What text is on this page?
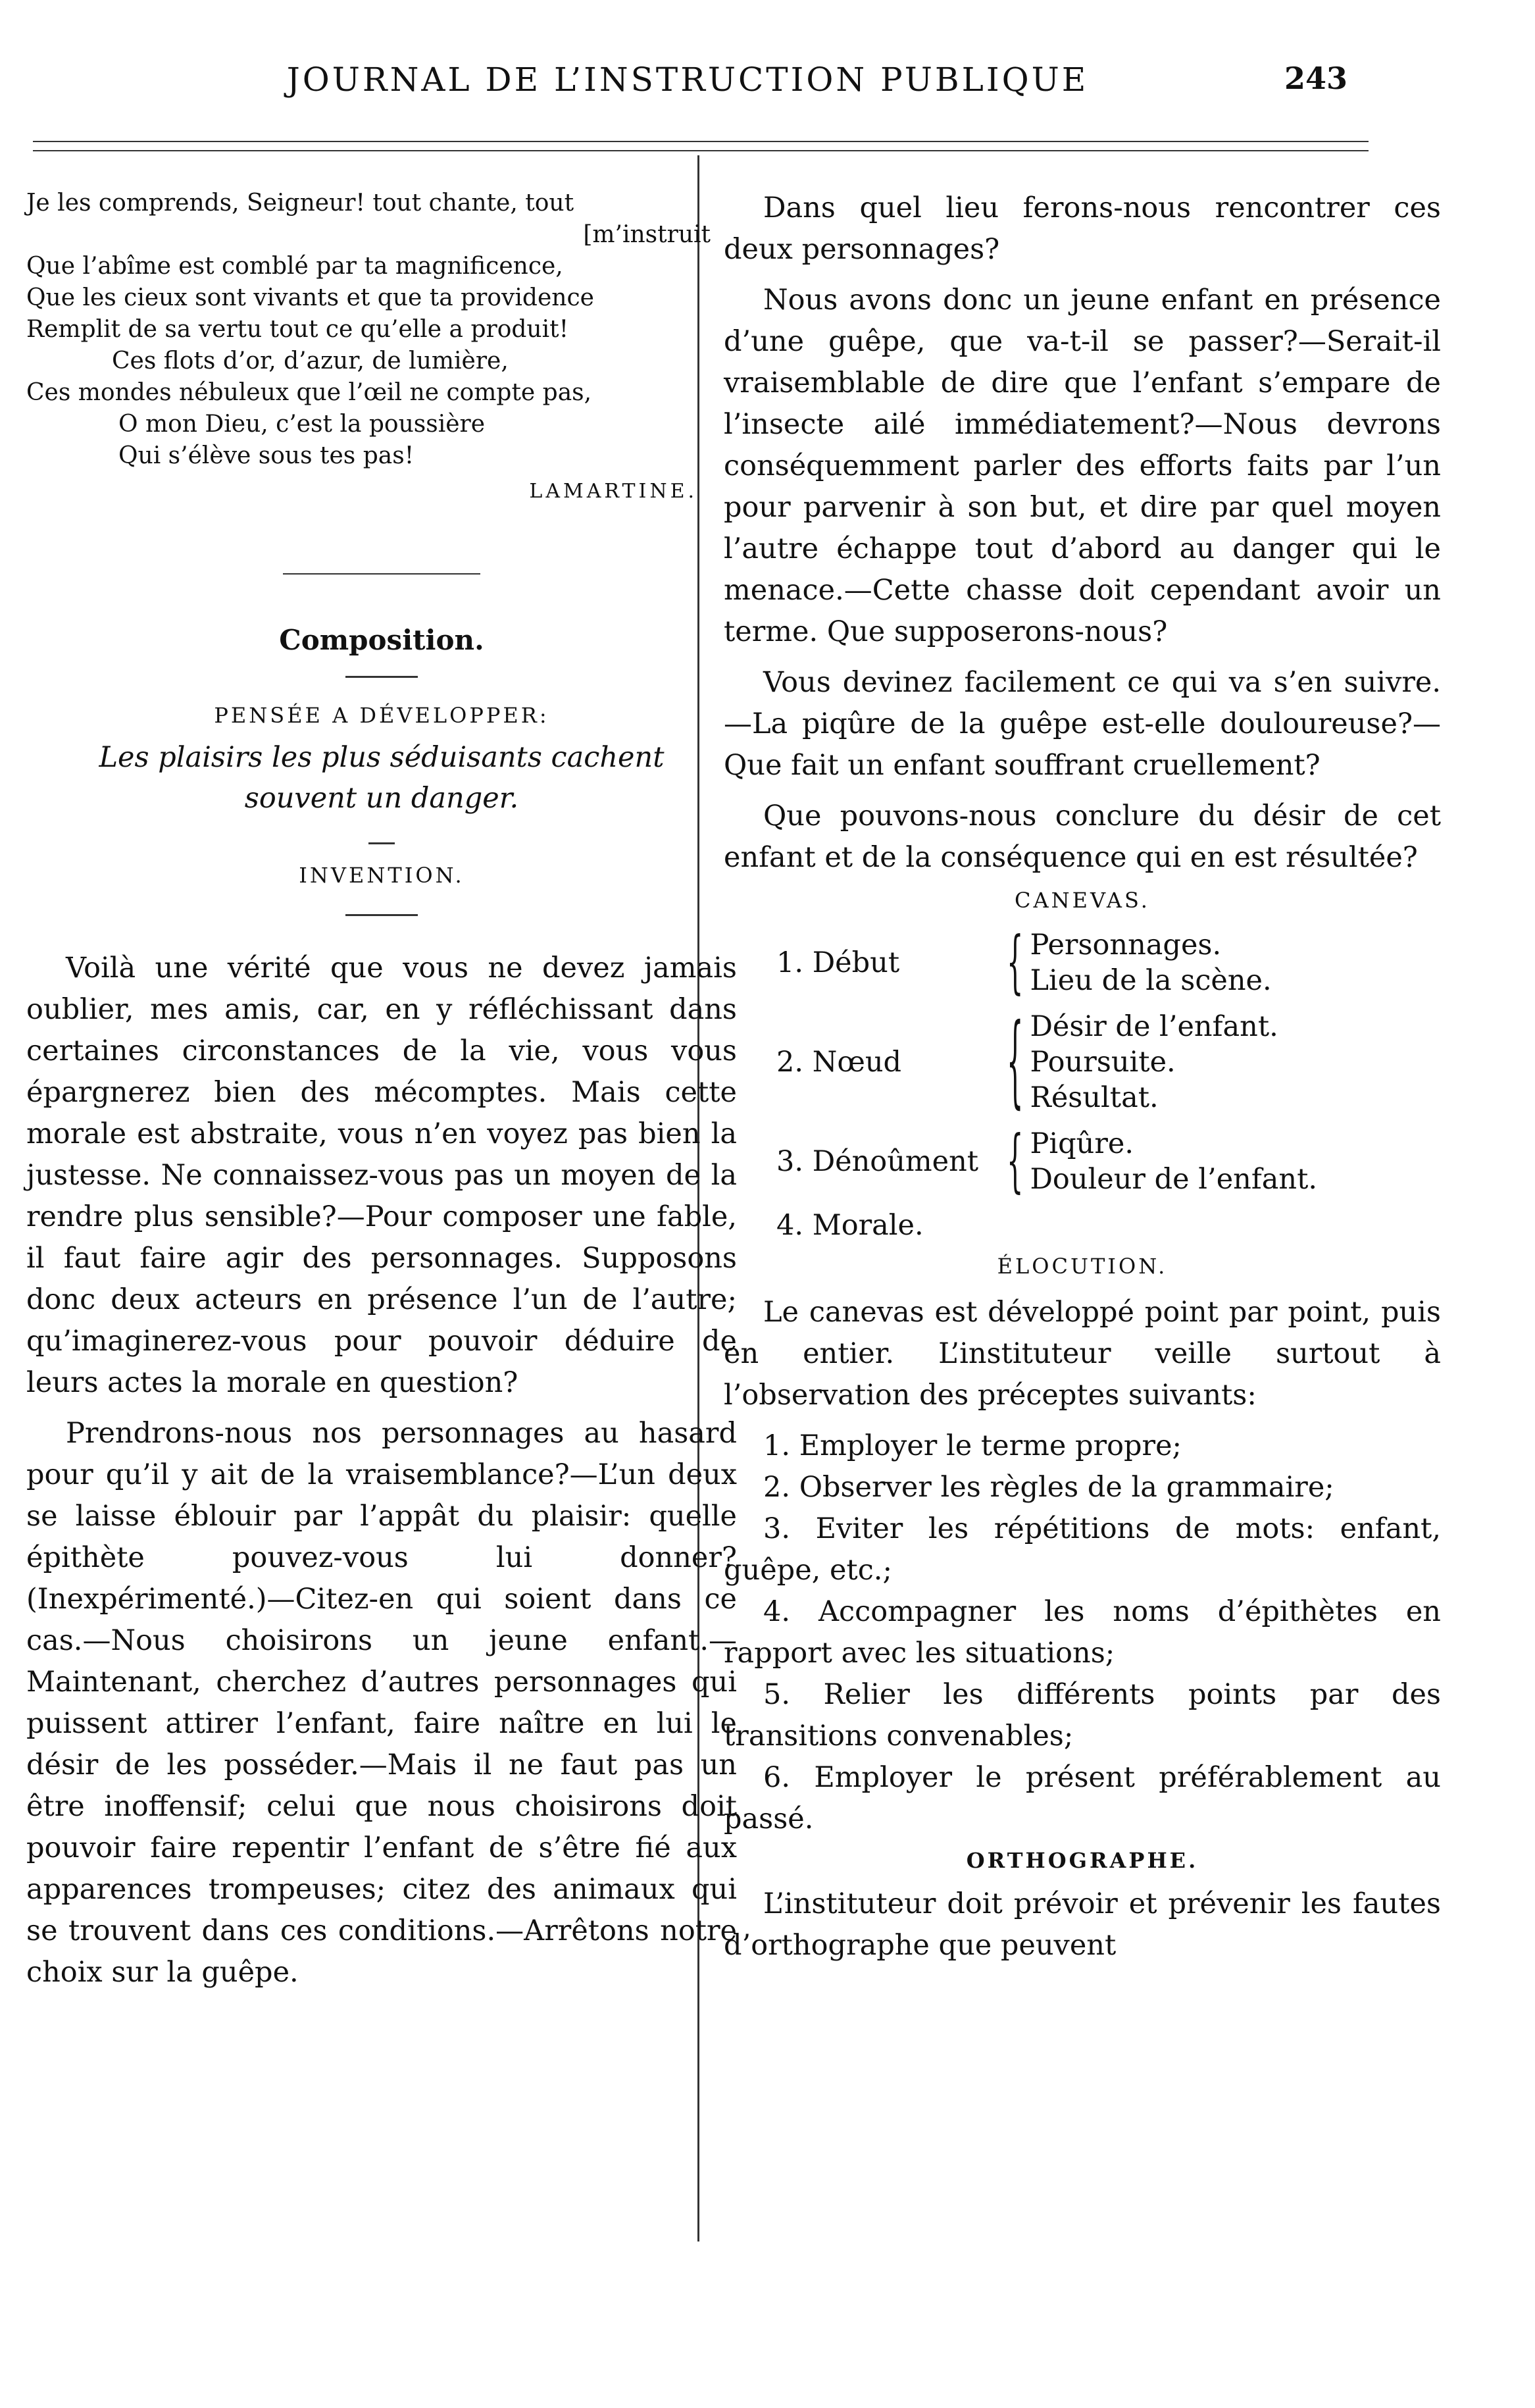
JOURNAL DE L’INSTRUCTION PUBLIQUE	243
Je les comprends, Seigneur! tout chante, tout
[m’instruit
Que l’abîme est comblé par ta magnificence,
Que les cieux sont vivants et que ta providence
Remplit de sa vertu tout ce qu’elle a produit!
Ces flots d’or, d’azur, de lumière,
Ces mondes nébuleux que l’œil ne compte pas,
O mon Dieu, c’est la poussière
Qui s’élève sous tes pas!
LAMARTINE.
Composition.
PENSÉE A DÉVELOPPER:
Les plaisirs les plus séduisants cachent souvent un danger.
INVENTION.

Voilà une vérité que vous ne devez jamais oublier, mes amis, car, en y réfléchissant dans certaines circonstances de la vie, vous vous épargnerez bien des mécomptes. Mais cette morale est abstraite, vous n’en voyez pas bien la justesse. Ne connaissez-vous pas un moyen de la rendre plus sensible?—Pour composer une fable, il faut faire agir des personnages. Supposons donc deux acteurs en présence l’un de l’autre; qu’imaginerez-vous pour pouvoir déduire de leurs actes la morale en question?

Prendrons-nous nos personnages au hasard pour qu’il y ait de la vraisemblance?—L’un deux se laisse éblouir par l’appât du plaisir: quelle épithète pouvez-vous lui donner? (Inexpérimenté.)—Citez-en qui soient dans ce cas.—Nous choisirons un jeune enfant.—Maintenant, cherchez d’autres personnages qui puissent attirer l’enfant, faire naître en lui le désir de les posséder.—Mais il ne faut pas un être inoffensif; celui que nous choisirons doit pouvoir faire repentir l’enfant de s’être fié aux apparences trompeuses; citez des animaux qui se trouvent dans ces conditions.—Arrêtons notre choix sur la guêpe.

Dans quel lieu ferons-nous rencontrer ces deux personnages?

Nous avons donc un jeune enfant en présence d’une guêpe, que va-t-il se passer?—Serait-il vraisemblable de dire que l’enfant s’empare de l’insecte ailé immédiatement?—Nous devrons conséquemment parler des efforts faits par l’un pour parvenir à son but, et dire par quel moyen l’autre échappe tout d’abord au danger qui le menace.—Cette chasse doit cependant avoir un terme. Que supposerons-nous?

Vous devinez facilement ce qui va s’en suivre.—La piqûre de la guêpe est-elle douloureuse?—Que fait un enfant souffrant cruellement?

Que pouvons-nous conclure du désir de cet enfant et de la conséquence qui en est résultée?

CANEVAS.
1. Début	{ Personnages.
Lieu de la scène.
2. Nœud	{ Désir de l’enfant.
Poursuite.
Résultat.
3. Dénoûment	{ Piqûre.
Douleur de l’enfant.
4. Morale.
ÉLOCUTION.

Le canevas est développé point par point, puis en entier. L’instituteur veille surtout à l’observation des préceptes suivants:

1. Employer le terme propre;
2. Observer les règles de la grammaire;
3. Eviter les répétitions de mots: enfant, guêpe, etc.;
4. Accompagner les noms d’épithètes en rapport avec les situations;
5. Relier les différents points par des transitions convenables;
6. Employer le présent préférablement au passé.
ORTHOGRAPHE.

L’instituteur doit prévoir et prévenir les fautes d’orthographe que peuvent
